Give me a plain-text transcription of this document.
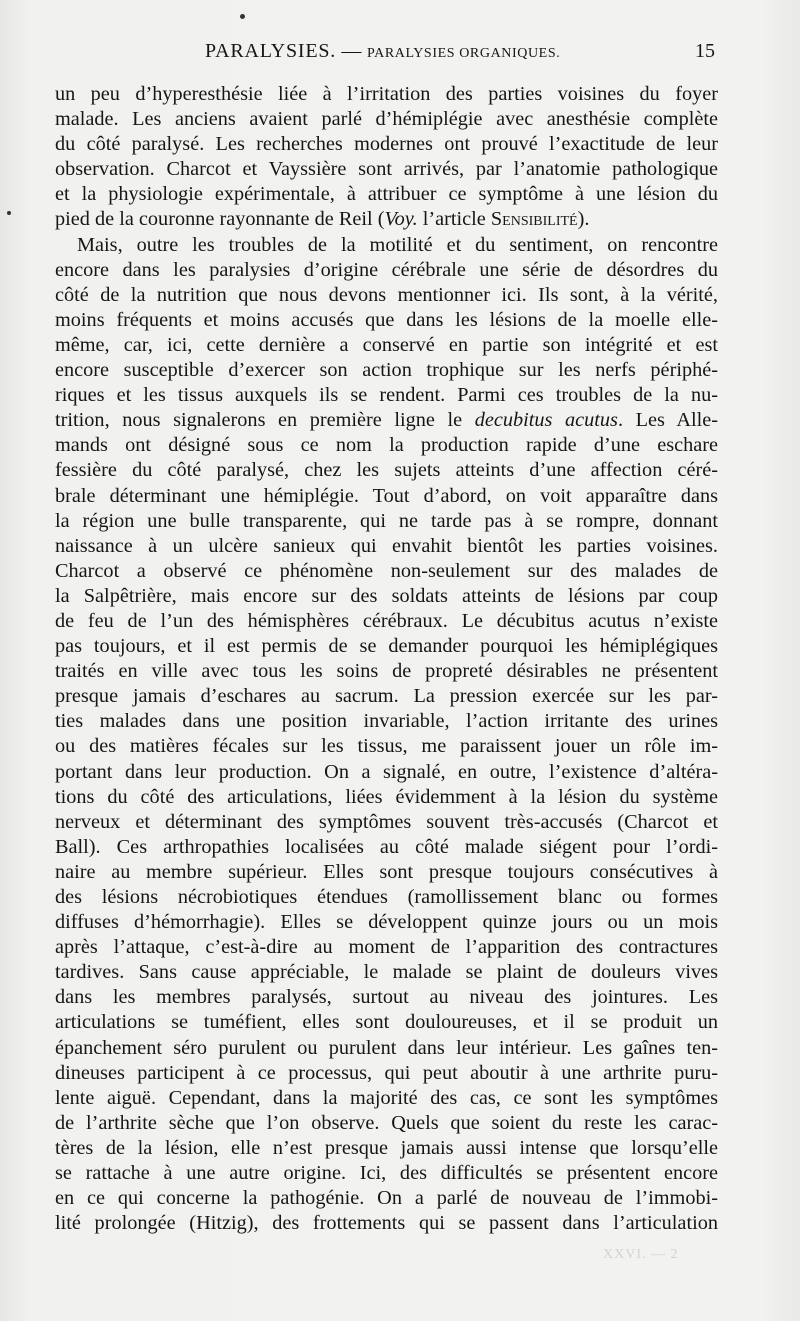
PARALYSIES. — PARALYSIES ORGANIQUES.	15
un peu d’hyperesthésie liée à l’irritation des parties voisines du foyer
malade. Les anciens avaient parlé d’hémiplégie avec anesthésie complète
du côté paralysé. Les recherches modernes ont prouvé l’exactitude de leur
observation. Charcot et Vayssière sont arrivés, par l’anatomie pathologique
et la physiologie expérimentale, à attribuer ce symptôme à une lésion du
pied de la couronne rayonnante de Reil (Voy. l’article Sensibilité).
Mais, outre les troubles de la motilité et du sentiment, on rencontre
encore dans les paralysies d’origine cérébrale une série de désordres du
côté de la nutrition que nous devons mentionner ici. Ils sont, à la vérité,
moins fréquents et moins accusés que dans les lésions de la moelle elle-
même, car, ici, cette dernière a conservé en partie son intégrité et est
encore susceptible d’exercer son action trophique sur les nerfs périphé-
riques et les tissus auxquels ils se rendent. Parmi ces troubles de la nu-
trition, nous signalerons en première ligne le decubitus acutus. Les Alle-
mands ont désigné sous ce nom la production rapide d’une eschare
fessière du côté paralysé, chez les sujets atteints d’une affection céré-
brale déterminant une hémiplégie. Tout d’abord, on voit apparaître dans
la région une bulle transparente, qui ne tarde pas à se rompre, donnant
naissance à un ulcère sanieux qui envahit bientôt les parties voisines.
Charcot a observé ce phénomène non-seulement sur des malades de
la Salpêtrière, mais encore sur des soldats atteints de lésions par coup
de feu de l’un des hémisphères cérébraux. Le décubitus acutus n’existe
pas toujours, et il est permis de se demander pourquoi les hémiplégiques
traités en ville avec tous les soins de propreté désirables ne présentent
presque jamais d’eschares au sacrum. La pression exercée sur les par-
ties malades dans une position invariable, l’action irritante des urines
ou des matières fécales sur les tissus, me paraissent jouer un rôle im-
portant dans leur production. On a signalé, en outre, l’existence d’altéra-
tions du côté des articulations, liées évidemment à la lésion du système
nerveux et déterminant des symptômes souvent très-accusés (Charcot et
Ball). Ces arthropathies localisées au côté malade siégent pour l’ordi-
naire au membre supérieur. Elles sont presque toujours consécutives à
des lésions nécrobiotiques étendues (ramollissement blanc ou formes
diffuses d’hémorrhagie). Elles se développent quinze jours ou un mois
après l’attaque, c’est-à-dire au moment de l’apparition des contractures
tardives. Sans cause appréciable, le malade se plaint de douleurs vives
dans les membres paralysés, surtout au niveau des jointures. Les
articulations se tuméfient, elles sont douloureuses, et il se produit un
épanchement séro purulent ou purulent dans leur intérieur. Les gaînes ten-
dineuses participent à ce processus, qui peut aboutir à une arthrite puru-
lente aiguë. Cependant, dans la majorité des cas, ce sont les symptômes
de l’arthrite sèche que l’on observe. Quels que soient du reste les carac-
tères de la lésion, elle n’est presque jamais aussi intense que lorsqu’elle
se rattache à une autre origine. Ici, des difficultés se présentent encore
en ce qui concerne la pathogénie. On a parlé de nouveau de l’immobi-
lité prolongée (Hitzig), des frottements qui se passent dans l’articulation
XXVI. — 2
